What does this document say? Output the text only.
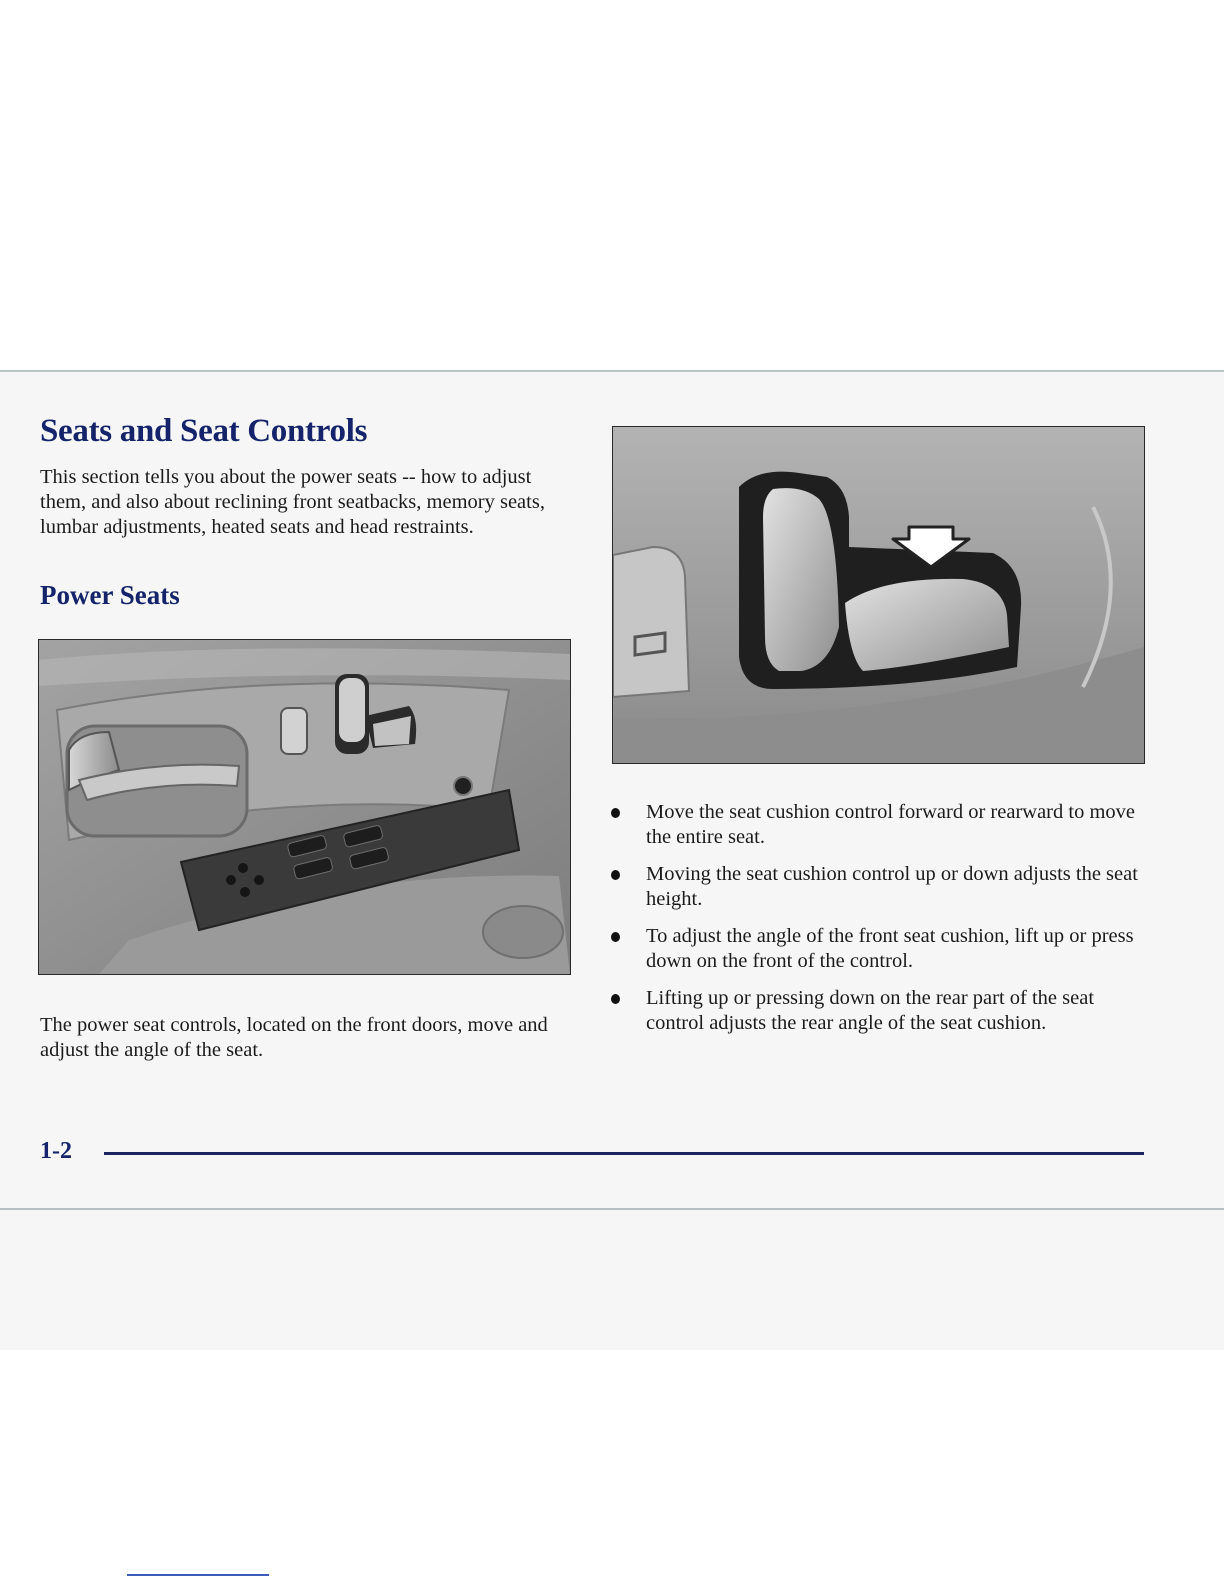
Seats and Seat Controls

This section tells you about the power seats -- how to adjust them, and also about reclining front seatbacks, memory seats, lumbar adjustments, heated seats and head restraints.

Power Seats

The power seat controls, located on the front doors, move and adjust the angle of the seat.

Move the seat cushion control forward or rearward to move the entire seat.
Moving the seat cushion control up or down adjusts the seat height.
To adjust the angle of the front seat cushion, lift up or press down on the front of the control.
Lifting up or pressing down on the rear part of the seat control adjusts the rear angle of the seat cushion.
1-2
